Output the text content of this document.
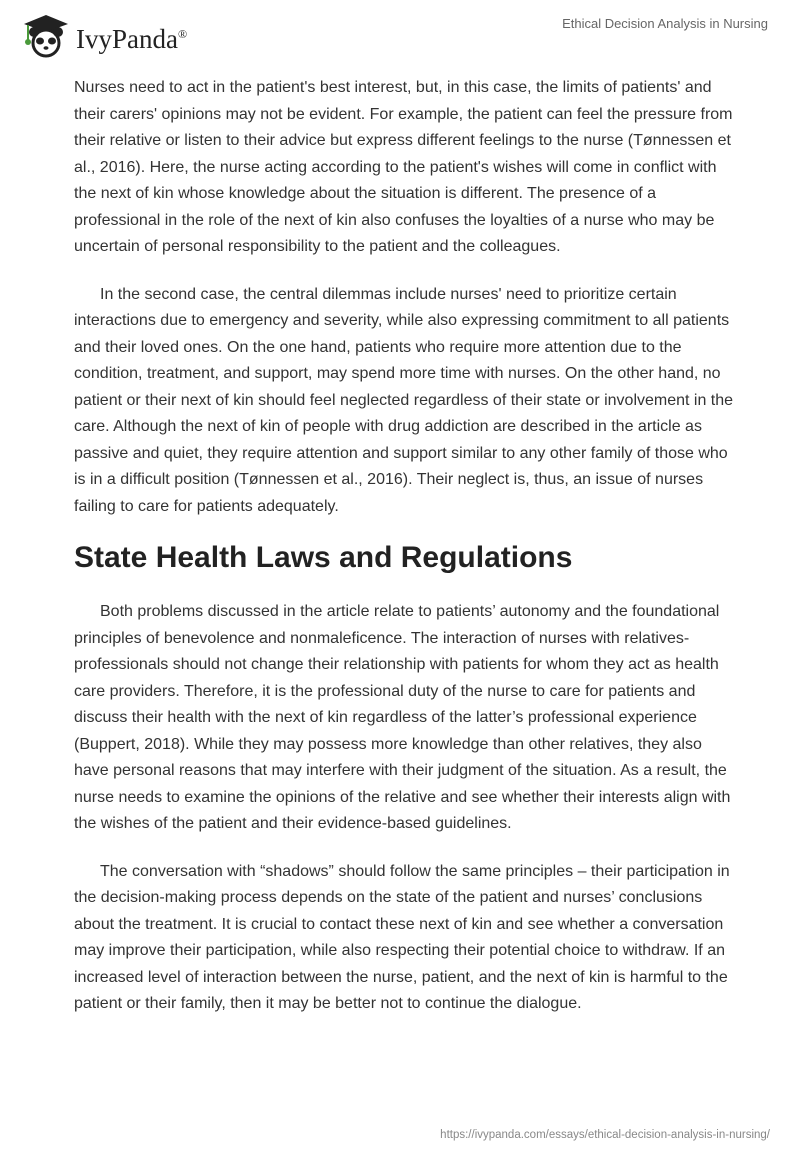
IvyPanda®
Ethical Decision Analysis in Nursing

Nurses need to act in the patient's best interest, but, in this case, the limits of patients' and their carers' opinions may not be evident. For example, the patient can feel the pressure from their relative or listen to their advice but express different feelings to the nurse (Tønnessen et al., 2016). Here, the nurse acting according to the patient's wishes will come in conflict with the next of kin whose knowledge about the situation is different. The presence of a professional in the role of the next of kin also confuses the loyalties of a nurse who may be uncertain of personal responsibility to the patient and the colleagues.

In the second case, the central dilemmas include nurses' need to prioritize certain interactions due to emergency and severity, while also expressing commitment to all patients and their loved ones. On the one hand, patients who require more attention due to the condition, treatment, and support, may spend more time with nurses. On the other hand, no patient or their next of kin should feel neglected regardless of their state or involvement in the care. Although the next of kin of people with drug addiction are described in the article as passive and quiet, they require attention and support similar to any other family of those who is in a difficult position (Tønnessen et al., 2016). Their neglect is, thus, an issue of nurses failing to care for patients adequately.

State Health Laws and Regulations

Both problems discussed in the article relate to patients’ autonomy and the foundational principles of benevolence and nonmaleficence. The interaction of nurses with relatives-professionals should not change their relationship with patients for whom they act as health care providers. Therefore, it is the professional duty of the nurse to care for patients and discuss their health with the next of kin regardless of the latter’s professional experience (Buppert, 2018). While they may possess more knowledge than other relatives, they also have personal reasons that may interfere with their judgment of the situation. As a result, the nurse needs to examine the opinions of the relative and see whether their interests align with the wishes of the patient and their evidence-based guidelines.

The conversation with “shadows” should follow the same principles – their participation in the decision-making process depends on the state of the patient and nurses’ conclusions about the treatment. It is crucial to contact these next of kin and see whether a conversation may improve their participation, while also respecting their potential choice to withdraw. If an increased level of interaction between the nurse, patient, and the next of kin is harmful to the patient or their family, then it may be better not to continue the dialogue.

https://ivypanda.com/essays/ethical-decision-analysis-in-nursing/
